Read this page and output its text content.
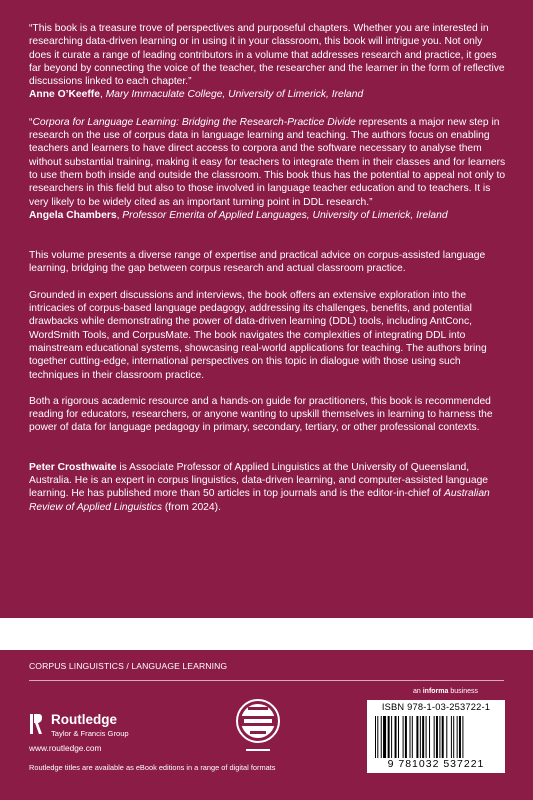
“This book is a treasure trove of perspectives and purposeful chapters. Whether you are interested in researching data-driven learning or in using it in your classroom, this book will intrigue you. Not only does it curate a range of leading contributors in a volume that addresses research and practice, it goes far beyond by connecting the voice of the teacher, the researcher and the learner in the form of reflective discussions linked to each chapter.”

Anne O’Keeffe, Mary Immaculate College, University of Limerick, Ireland

“Corpora for Language Learning: Bridging the Research-Practice Divide represents a major new step in research on the use of corpus data in language learning and teaching. The authors focus on enabling teachers and learners to have direct access to corpora and the software necessary to analyse them without substantial training, making it easy for teachers to integrate them in their classes and for learners to use them both inside and outside the classroom. This book thus has the potential to appeal not only to researchers in this field but also to those involved in language teacher education and to teachers. It is very likely to be widely cited as an important turning point in DDL research.”

Angela Chambers, Professor Emerita of Applied Languages, University of Limerick, Ireland

This volume presents a diverse range of expertise and practical advice on corpus-assisted language learning, bridging the gap between corpus research and actual classroom practice.

Grounded in expert discussions and interviews, the book offers an extensive exploration into the intricacies of corpus-based language pedagogy, addressing its challenges, benefits, and potential drawbacks while demonstrating the power of data-driven learning (DDL) tools, including AntConc, WordSmith Tools, and CorpusMate. The book navigates the complexities of integrating DDL into mainstream educational systems, showcasing real-world applications for teaching. The authors bring together cutting-edge, international perspectives on this topic in dialogue with those using such techniques in their classroom practice.

Both a rigorous academic resource and a hands-on guide for practitioners, this book is recommended reading for educators, researchers, or anyone wanting to upskill themselves in learning to harness the power of data for language pedagogy in primary, secondary, tertiary, or other professional contexts.

Peter Crosthwaite is Associate Professor of Applied Linguistics at the University of Queensland, Australia. He is an expert in corpus linguistics, data-driven learning, and computer-assisted language learning. He has published more than 50 articles in top journals and is the editor-in-chief of Australian Review of Applied Linguistics (from 2024).

CORPUS LINGUISTICS / LANGUAGE LEARNING
Routledge
Taylor & Francis Group
www.routledge.com
Routledge titles are available as eBook editions in a range of digital formats
an informa business
ISBN 978-1-03-253722-1
9 781032 537221
